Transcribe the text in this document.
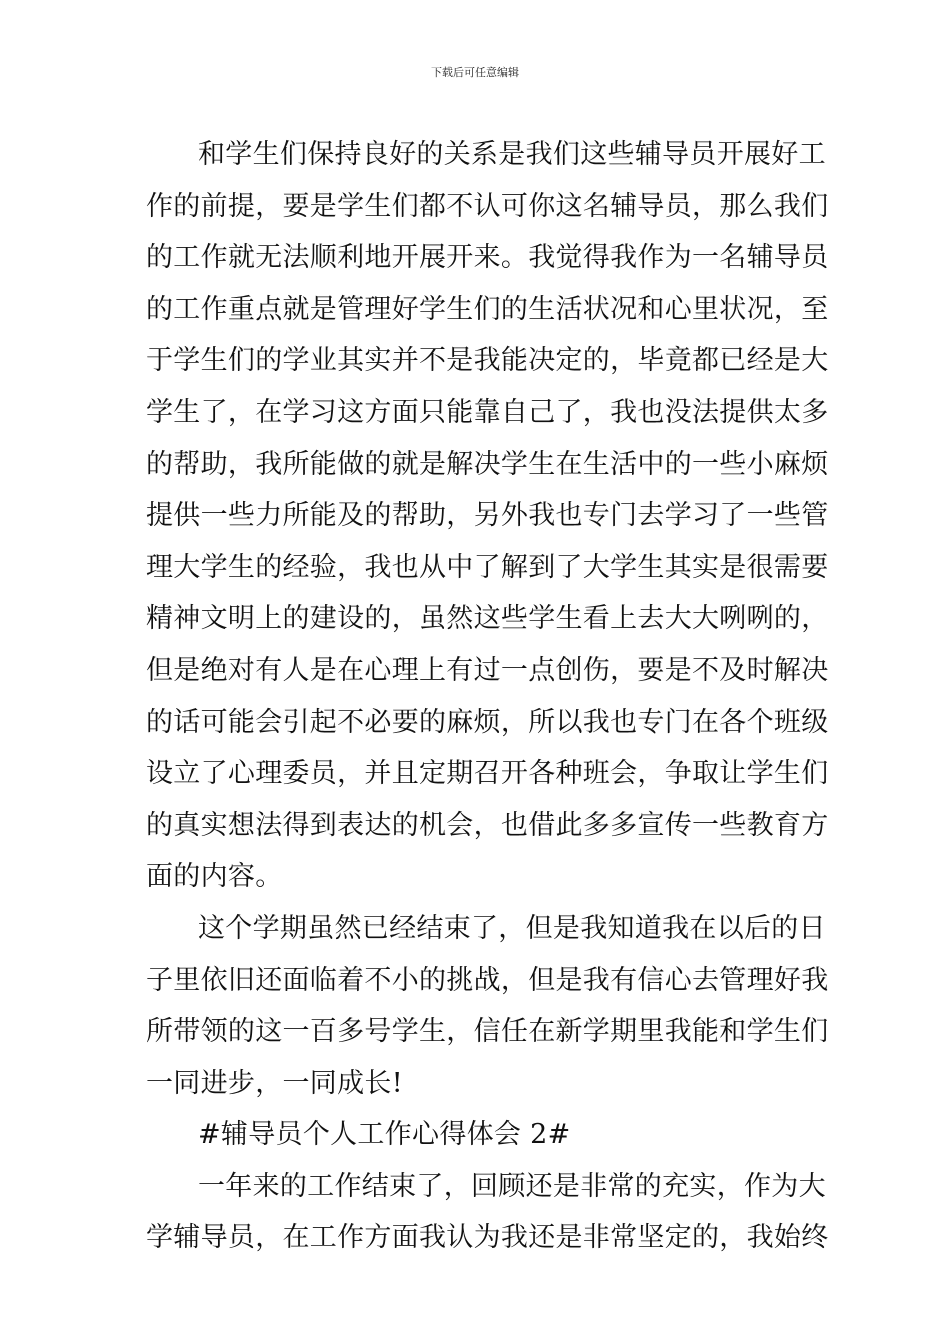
下载后可任意编辑
和学生们保持良好的关系是我们这些辅导员开展好工
作的前提，要是学生们都不认可你这名辅导员，那么我们
的工作就无法顺利地开展开来。我觉得我作为一名辅导员
的工作重点就是管理好学生们的生活状况和心里状况，至
于学生们的学业其实并不是我能决定的，毕竟都已经是大
学生了，在学习这方面只能靠自己了，我也没法提供太多
的帮助，我所能做的就是解决学生在生活中的一些小麻烦
提供一些力所能及的帮助，另外我也专门去学习了一些管
理大学生的经验，我也从中了解到了大学生其实是很需要
精神文明上的建设的，虽然这些学生看上去大大咧咧的，
但是绝对有人是在心理上有过一点创伤，要是不及时解决
的话可能会引起不必要的麻烦，所以我也专门在各个班级
设立了心理委员，并且定期召开各种班会，争取让学生们
的真实想法得到表达的机会，也借此多多宣传一些教育方
面的内容。
这个学期虽然已经结束了，但是我知道我在以后的日
子里依旧还面临着不小的挑战，但是我有信心去管理好我
所带领的这一百多号学生，信任在新学期里我能和学生们
一同进步，一同成长!
#辅导员个人工作心得体会 2#
一年来的工作结束了，回顾还是非常的充实，作为大
学辅导员，在工作方面我认为我还是非常坚定的，我始终
